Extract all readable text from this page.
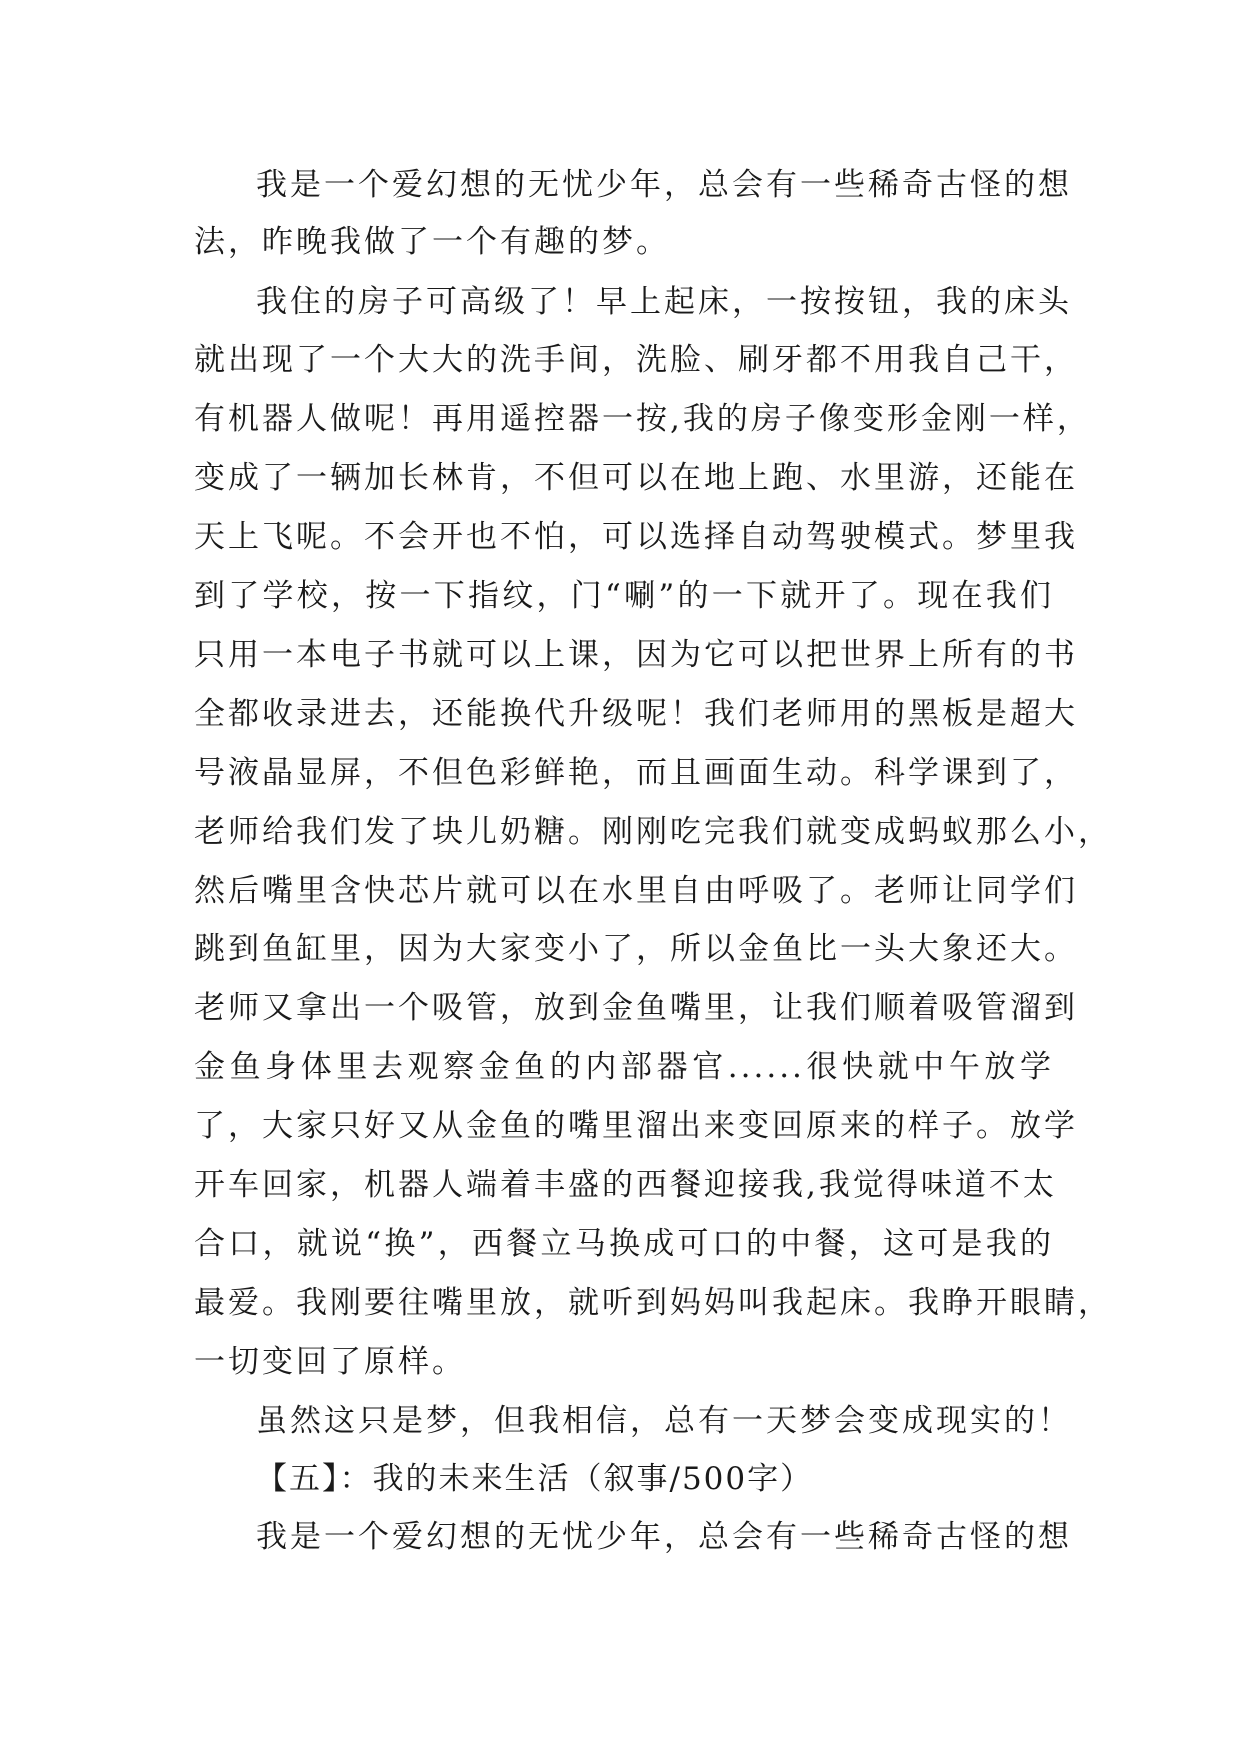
我是一个爱幻想的无忧少年，总会有一些稀奇古怪的想
法，昨晚我做了一个有趣的梦。
我住的房子可高级了！早上起床，一按按钮，我的床头
就出现了一个大大的洗手间，洗脸、刷牙都不用我自己干，
有机器人做呢！再用遥控器一按,我的房子像变形金刚一样，
变成了一辆加长林肯，不但可以在地上跑、水里游，还能在
天上飞呢。不会开也不怕，可以选择自动驾驶模式。梦里我
到了学校，按一下指纹，门“唰”的一下就开了。现在我们
只用一本电子书就可以上课，因为它可以把世界上所有的书
全都收录进去，还能换代升级呢！我们老师用的黑板是超大
号液晶显屏，不但色彩鲜艳，而且画面生动。科学课到了，
老师给我们发了块儿奶糖。刚刚吃完我们就变成蚂蚁那么小，
然后嘴里含快芯片就可以在水里自由呼吸了。老师让同学们
跳到鱼缸里，因为大家变小了，所以金鱼比一头大象还大。
老师又拿出一个吸管，放到金鱼嘴里，让我们顺着吸管溜到
金鱼身体里去观察金鱼的内部器官......很快就中午放学
了，大家只好又从金鱼的嘴里溜出来变回原来的样子。放学
开车回家，机器人端着丰盛的西餐迎接我,我觉得味道不太
合口，就说“换”，西餐立马换成可口的中餐，这可是我的
最爱。我刚要往嘴里放，就听到妈妈叫我起床。我睁开眼睛，
一切变回了原样。
虽然这只是梦，但我相信，总有一天梦会变成现实的！
【五】：我的未来生活（叙事/500字）
我是一个爱幻想的无忧少年，总会有一些稀奇古怪的想
